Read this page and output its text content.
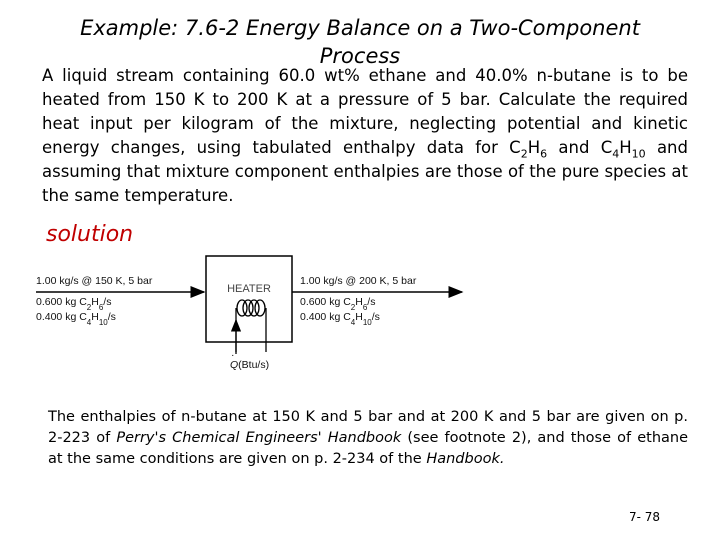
Example: 7.6-2 Energy Balance on a Two-Component Process
A liquid stream containing 60.0 wt% ethane and 40.0% n-butane is to be heated from 150 K to 200 K at a pressure of 5 bar. Calculate the required heat input per kilogram of the mixture, neglecting potential and kinetic energy changes, using tabulated enthalpy data for $C_2H_6$ and $C_4H_{10}$ and assuming that mixture component enthalpies are those of the pure species at the same temperature.
solution
1.00 kg/s @ 150 K, 5 bar
0.600 kg $C_2H_6/s$
0.400 kg $C_4H_{10}/s$
HEATER
Q(Btu/s)
·
1.00 kg/s @ 200 K, 5 bar
0.600 kg $C_2H_6/s$
0.400 kg $C_4H_{10}/s$
The enthalpies of n-butane at 150 K and 5 bar and at 200 K and 5 bar are given on p. 2-223 of Perry's Chemical Engineers' Handbook (see footnote 2), and those of ethane at the same conditions are given on p. 2-234 of the Handbook.
7- 78
